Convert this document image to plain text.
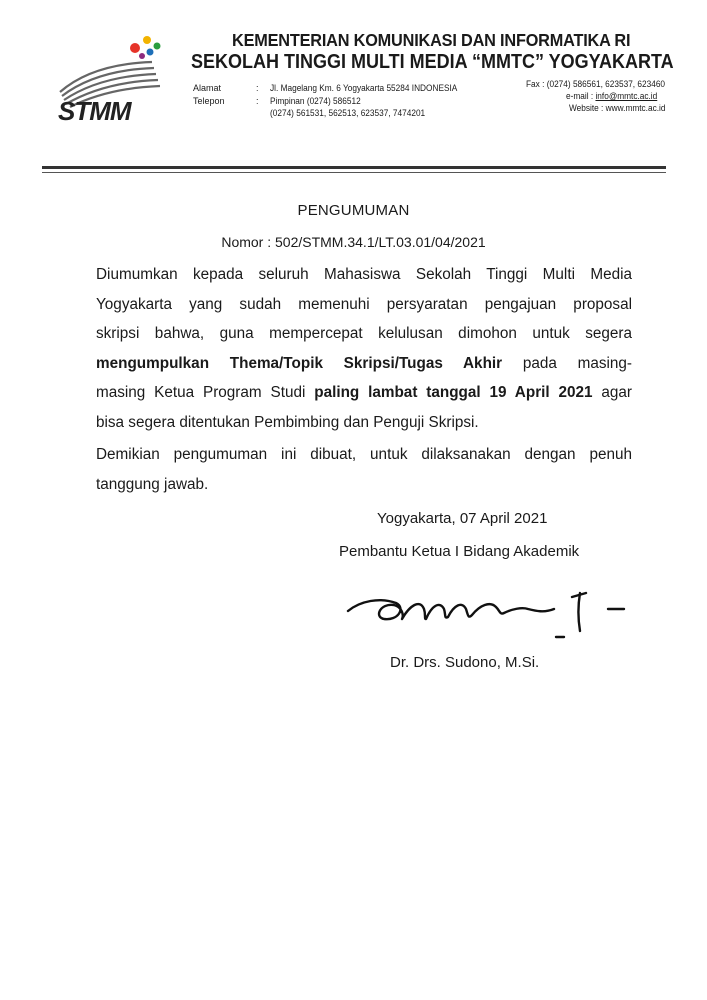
STMM
KEMENTERIAN KOMUNIKASI DAN INFORMATIKA RI
SEKOLAH TINGGI MULTI MEDIA “MMTC” YOGYAKARTA
Alamat
Telepon
:
:
Jl. Magelang Km. 6 Yogyakarta 55284 INDONESIA
Pimpinan (0274) 586512
(0274) 561531, 562513, 623537, 7474201
Fax : (0274) 586561, 623537, 623460
e-mail : info@mmtc.ac.id
Website : www.mmtc.ac.id
PENGUMUMAN
Nomor : 502/STMM.34.1/LT.03.01/04/2021
Diumumkan kepada seluruh Mahasiswa Sekolah Tinggi Multi Media
Yogyakarta yang sudah memenuhi persyaratan pengajuan proposal
skripsi bahwa, guna mempercepat kelulusan dimohon untuk segera
mengumpulkan Thema/Topik Skripsi/Tugas Akhir pada masing-
masing Ketua Program Studi paling lambat tanggal 19 April 2021 agar
bisa segera ditentukan Pembimbing dan Penguji Skripsi.
Demikian pengumuman ini dibuat, untuk dilaksanakan dengan penuh
tanggung jawab.
Yogyakarta, 07 April 2021
Pembantu Ketua I Bidang Akademik
Dr. Drs. Sudono, M.Si.
